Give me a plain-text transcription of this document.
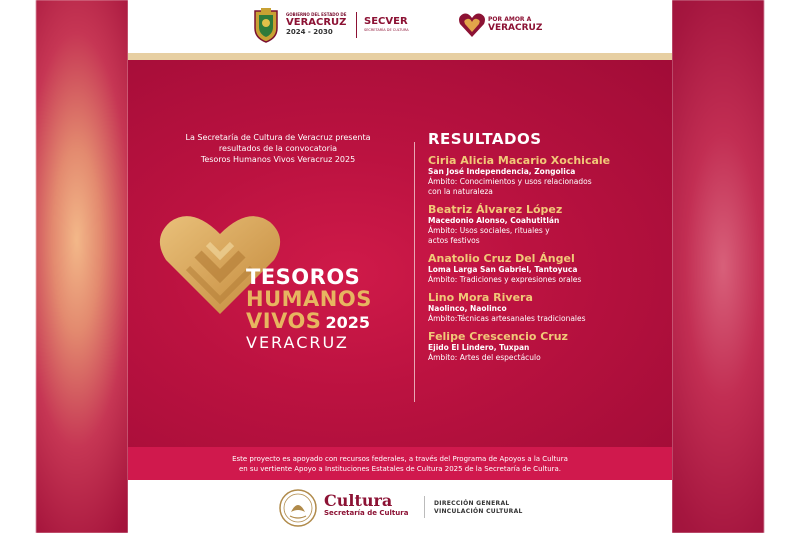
GOBIERNO DEL ESTADO DE
VERACRUZ
2024 - 2030
SECVER
SECRETARÍA DE CULTURA
POR AMOR A
VERACRUZ
La Secretaría de Cultura de Veracruz presenta
resultados de la convocatoria
Tesoros Humanos Vivos Veracruz 2025
TESOROS
HUMANOS
VIVOS 2025
VERACRUZ
RESULTADOS
Ciria Alicia Macario Xochicale
San José Independencia, Zongolica
Ámbito: Conocimientos y usos relacionados
con la naturaleza
Beatriz Álvarez López
Macedonio Alonso, Coahutitlán
Ámbito: Usos sociales, rituales y
actos festivos
Anatolio Cruz Del Ángel
Loma Larga San Gabriel, Tantoyuca
Ámbito: Tradiciones y expresiones orales
Lino Mora Rivera
Naolinco, Naolinco
Ámbito:Técnicas artesanales tradicionales
Felipe Crescencio Cruz
Ejido El Lindero, Tuxpan
Ámbito: Artes del espectáculo
Este proyecto es apoyado con recursos federales, a través del Programa de Apoyos a la Cultura
en su vertiente Apoyo a Instituciones Estatales de Cultura 2025 de la Secretaría de Cultura.
Cultura
Secretaría de Cultura
DIRECCIÓN GENERAL
VINCULACIÓN CULTURAL
